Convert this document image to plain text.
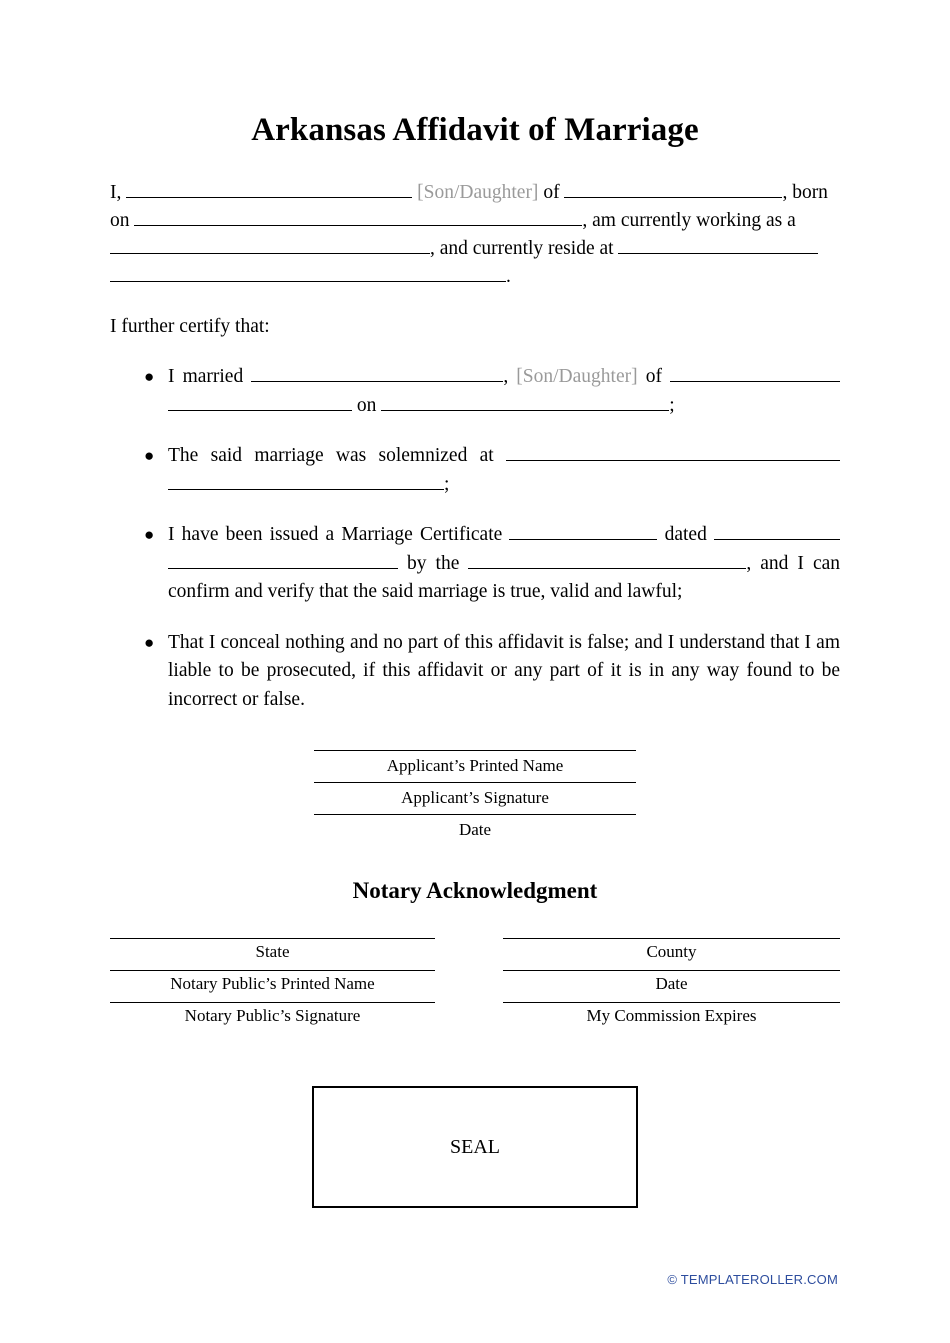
Arkansas Affidavit of Marriage

I,	[Son/Daughter] of	, born on	, am currently working as a , and currently reside at  .

I further certify that:

● I married	, [Son/Daughter] of   on	;
● The said marriage was solemnized at  ;
● I have been issued a Marriage Certificate	dated   by the	, and I can confirm and verify that the said marriage is true, valid and lawful;
● That I conceal nothing and no part of this affidavit is false; and I understand that I am liable to be prosecuted, if this affidavit or any part of it is in any way found to be incorrect or false.
Applicant’s Printed Name
Applicant’s Signature
Date
Notary Acknowledgment
State	County
Notary Public’s Printed Name	Date
Notary Public’s Signature	My Commission Expires
SEAL
© TEMPLATEROLLER.COM
